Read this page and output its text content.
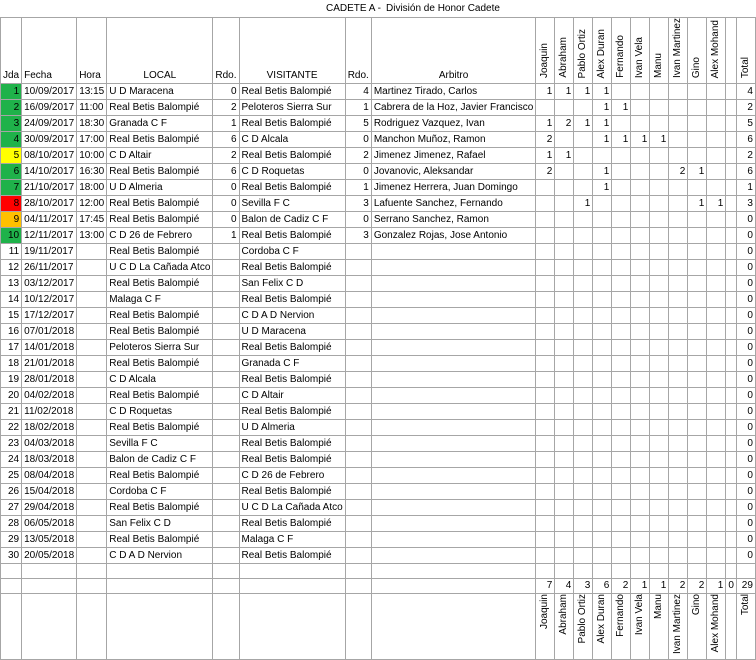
CADETE A - División de Honor Cadete
Jda	Fecha	Hora	LOCAL	Rdo.	VISITANTE	Rdo.	Arbitro	Joaquin	Abraham	Pablo Ortiz	Alex Duran	Fernando	Ivan Vela	Manu	Ivan Martinez	Gino	Alex Mohand		Total
1	10/09/2017	13:15	U D Maracena	0	Real Betis Balompié	4	Martinez Tirado, Carlos	1	1	1	1								4
2	16/09/2017	11:00	Real Betis Balompié	2	Peloteros Sierra Sur	1	Cabrera de la Hoz, Javier Francisco				1	1							2
3	24/09/2017	18:30	Granada C F	1	Real Betis Balompié	5	Rodriguez Vazquez, Ivan	1	2	1	1								5
4	30/09/2017	17:00	Real Betis Balompié	6	C D Alcala	0	Manchon Muñoz, Ramon	2			1	1	1	1					6
5	08/10/2017	10:00	C D Altair	2	Real Betis Balompié	2	Jimenez Jimenez, Rafael	1	1										2
6	14/10/2017	16:30	Real Betis Balompié	6	C D Roquetas	0	Jovanovic, Aleksandar	2			1				2	1			6
7	21/10/2017	18:00	U D Almeria	0	Real Betis Balompié	1	Jimenez Herrera, Juan Domingo				1								1
8	28/10/2017	12:00	Real Betis Balompié	0	Sevilla F C	3	Lafuente Sanchez, Fernando			1						1	1		3
9	04/11/2017	17:45	Real Betis Balompié	0	Balon de Cadiz C F	0	Serrano Sanchez, Ramon												0
10	12/11/2017	13:00	C D 26 de Febrero	1	Real Betis Balompié	3	Gonzalez Rojas, Jose Antonio												0
11	19/11/2017		Real Betis Balompié		Cordoba C F														0
12	26/11/2017		U C D La Cañada Atco		Real Betis Balompié														0
13	03/12/2017		Real Betis Balompié		San Felix C D														0
14	10/12/2017		Malaga C F		Real Betis Balompié														0
15	17/12/2017		Real Betis Balompié		C D A D Nervion														0
16	07/01/2018		Real Betis Balompié		U D Maracena														0
17	14/01/2018		Peloteros Sierra Sur		Real Betis Balompié														0
18	21/01/2018		Real Betis Balompié		Granada C F														0
19	28/01/2018		C D Alcala		Real Betis Balompié														0
20	04/02/2018		Real Betis Balompié		C D Altair														0
21	11/02/2018		C D Roquetas		Real Betis Balompié														0
22	18/02/2018		Real Betis Balompié		U D Almeria														0
23	04/03/2018		Sevilla F C		Real Betis Balompié														0
24	18/03/2018		Balon de Cadiz C F		Real Betis Balompié														0
25	08/04/2018		Real Betis Balompié		C D 26 de Febrero														0
26	15/04/2018		Cordoba C F		Real Betis Balompié														0
27	29/04/2018		Real Betis Balompié		U C D La Cañada Atco														0
28	06/05/2018		San Felix C D		Real Betis Balompié														0
29	13/05/2018		Real Betis Balompié		Malaga C F														0
30	20/05/2018		C D A D Nervion		Real Betis Balompié														0

								7	4	3	6	2	1	1	2	2	1	0	29
								Joaquin	Abraham	Pablo Ortiz	Alex Duran	Fernando	Ivan Vela	Manu	Ivan Martinez	Gino	Alex Mohand		Total
